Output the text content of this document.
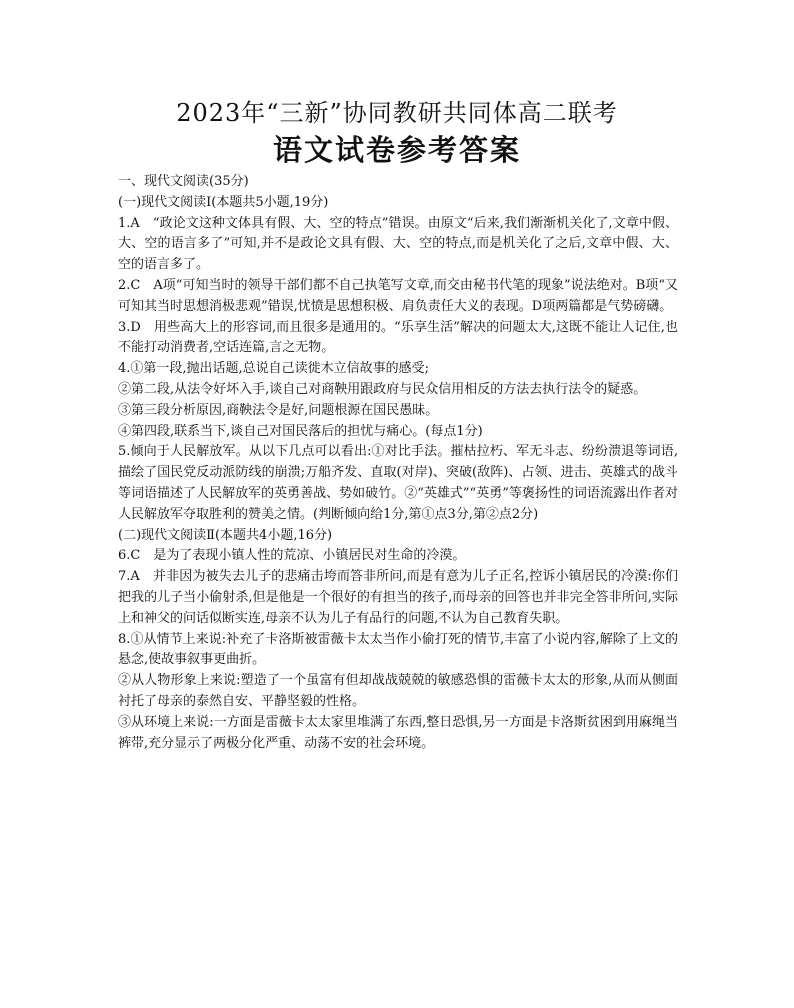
2023年“三新”协同教研共同体高二联考
语文试卷参考答案

一、现代文阅读(35分)

(一)现代文阅读Ⅰ(本题共5小题,19分)

1.A　“政论文这种文体具有假、大、空的特点”错误。由原文“后来,我们渐渐机关化了,文章中假、大、空的语言多了”可知,并不是政论文具有假、大、空的特点,而是机关化了之后,文章中假、大、空的语言多了。

2.C　A项“可知当时的领导干部们都不自己执笔写文章,而交由秘书代笔的现象”说法绝对。B项“又可知其当时思想消极悲观”错误,忧愤是思想积极、肩负责任大义的表现。D项两篇都是气势磅礴。

3.D　用些高大上的形容词,而且很多是通用的。“乐享生活”解决的问题太大,这既不能让人记住,也不能打动消费者,空话连篇,言之无物。

4.①第一段,抛出话题,总说自己读徙木立信故事的感受;

②第二段,从法令好坏入手,谈自己对商鞅用跟政府与民众信用相反的方法去执行法令的疑惑。

③第三段分析原因,商鞅法令是好,问题根源在国民愚昧。

④第四段,联系当下,谈自己对国民落后的担忧与痛心。(每点1分)

5.倾向于人民解放军。从以下几点可以看出:①对比手法。摧枯拉朽、军无斗志、纷纷溃退等词语,描绘了国民党反动派防线的崩溃;万船齐发、直取(对岸)、突破(敌阵)、占领、进击、英雄式的战斗等词语描述了人民解放军的英勇善战、势如破竹。②“英雄式”“英勇”等褒扬性的词语流露出作者对人民解放军夺取胜利的赞美之情。(判断倾向给1分,第①点3分,第②点2分)

(二)现代文阅读Ⅱ(本题共4小题,16分)

6.C　是为了表现小镇人性的荒凉、小镇居民对生命的冷漠。

7.A　并非因为被失去儿子的悲痛击垮而答非所问,而是有意为儿子正名,控诉小镇居民的冷漠:你们把我的儿子当小偷射杀,但是他是一个很好的有担当的孩子,而母亲的回答也并非完全答非所问,实际上和神父的问话似断实连,母亲不认为儿子有品行的问题,不认为自己教育失职。

8.①从情节上来说:补充了卡洛斯被雷薇卡太太当作小偷打死的情节,丰富了小说内容,解除了上文的悬念,使故事叙事更曲折。

②从人物形象上来说:塑造了一个虽富有但却战战兢兢的敏感恐惧的雷薇卡太太的形象,从而从侧面衬托了母亲的泰然自安、平静坚毅的性格。

③从环境上来说:一方面是雷薇卡太太家里堆满了东西,整日恐惧,另一方面是卡洛斯贫困到用麻绳当裤带,充分显示了两极分化严重、动荡不安的社会环境。
